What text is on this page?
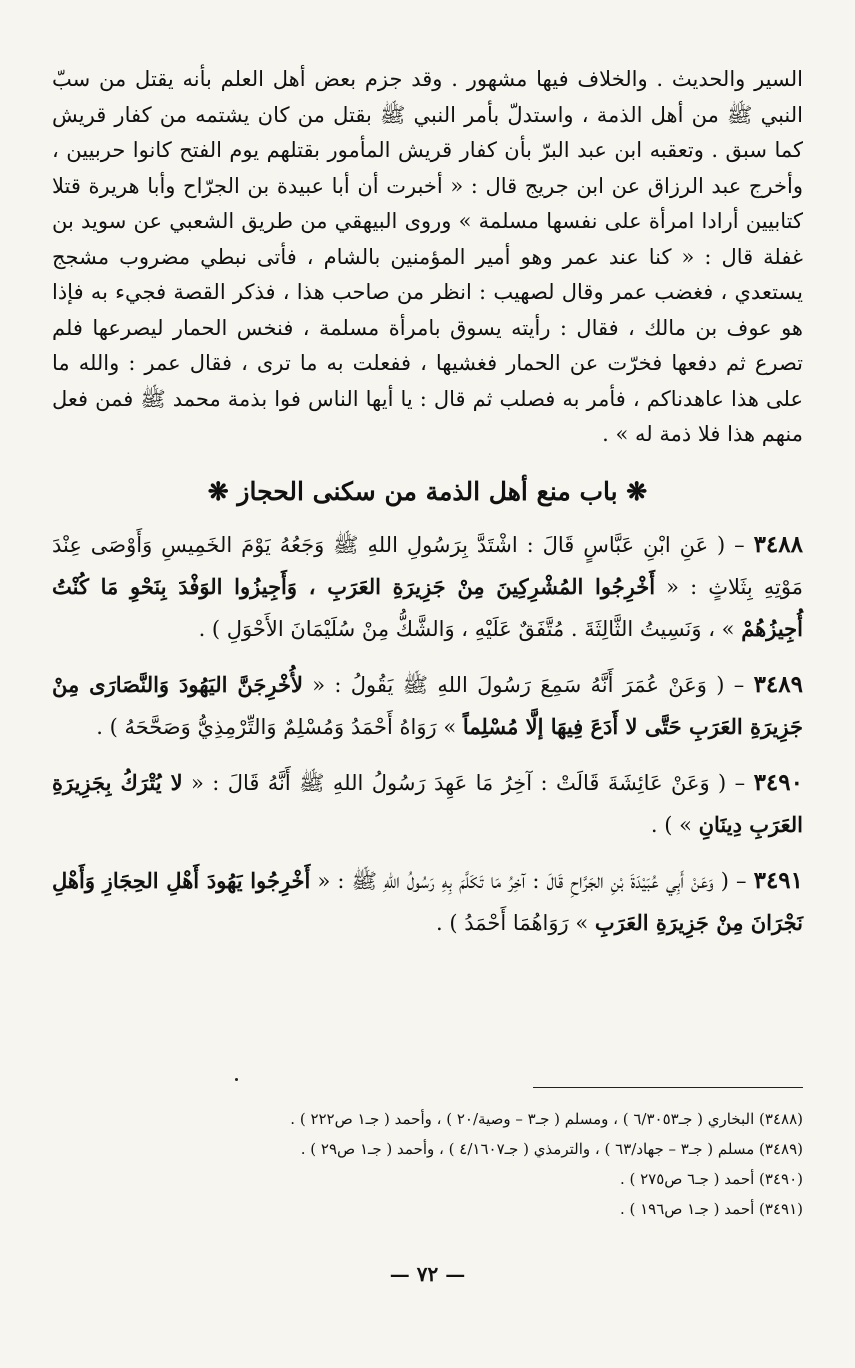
السير والحديث . والخلاف فيها مشهور . وقد جزم بعض أهل العلم بأنه يقتل من سبّ النبي ﷺ من أهل الذمة ، واستدلّ بأمر النبي ﷺ بقتل من كان يشتمه من كفار قريش كما سبق . وتعقبه ابن عبد البرّ بأن كفار قريش المأمور بقتلهم يوم الفتح كانوا حربيين ، وأخرج عبد الرزاق عن ابن جريج قال : « أخبرت أن أبا عبيدة بن الجرّاح وأبا هريرة قتلا كتابيين أرادا امرأة على نفسها مسلمة » وروى البيهقي من طريق الشعبي عن سويد بن غفلة قال : « كنا عند عمر وهو أمير المؤمنين بالشام ، فأتى نبطي مضروب مشجج يستعدي ، فغضب عمر وقال لصهيب : انظر من صاحب هذا ، فذكر القصة فجيء به فإذا هو عوف بن مالك ، فقال : رأيته يسوق بامرأة مسلمة ، فنخس الحمار ليصرعها فلم تصرع ثم دفعها فخرّت عن الحمار فغشيها ، ففعلت به ما ترى ، فقال عمر : والله ما على هذا عاهدناكم ، فأمر به فصلب ثم قال : يا أيها الناس فوا بذمة محمد ﷺ فمن فعل منهم هذا فلا ذمة له » .

❋ باب منع أهل الذمة من سكنى الحجاز ❋

٣٤٨٨ – ( عَنِ ابْنِ عَبَّاسٍ قَالَ : اشْتَدَّ بِرَسُولِ اللهِ ﷺ وَجَعُهُ يَوْمَ الخَمِيسِ وَأَوْصَى عِنْدَ مَوْتِهِ بِثَلاثٍ : « أَخْرِجُوا المُشْرِكِينَ مِنْ جَزِيرَةِ العَرَبِ ، وَأَجِيزُوا الوَفْدَ بِنَحْوِ مَا كُنْتُ أُجِيزُهُمْ » ، وَنَسِيتُ الثَّالِثَةَ . مُتَّفَقٌ عَلَيْهِ ، وَالشَّكُّ مِنْ سُلَيْمَانَ الأَحْوَلِ ) .

٣٤٨٩ – ( وَعَنْ عُمَرَ أَنَّهُ سَمِعَ رَسُولَ اللهِ ﷺ يَقُولُ : « لأُخْرِجَنَّ اليَهُودَ وَالنَّصَارَى مِنْ جَزِيرَةِ العَرَبِ حَتَّى لا أَدَعَ فِيهَا إلَّا مُسْلِماً » رَوَاهُ أَحْمَدُ وَمُسْلِمٌ وَالتِّرْمِذِيُّ وَصَحَّحَهُ ) .

٣٤٩٠ – ( وَعَنْ عَائِشَةَ قَالَتْ : آخِرُ مَا عَهِدَ رَسُولُ اللهِ ﷺ أَنَّهُ قَالَ : « لا يُتْرَكُ بِجَزِيرَةِ العَرَبِ دِينَانِ » ) .

٣٤٩١ – ( وَعَنْ أَبِي عُبَيْدَةَ بْنِ الجَرَّاحِ قَالَ : آخِرُ مَا تَكَلَّمَ بِهِ رَسُولُ اللهِ ﷺ : « أَخْرِجُوا يَهُودَ أَهْلِ الحِجَازِ وَأَهْلِ نَجْرَانَ مِنْ جَزِيرَةِ العَرَبِ » رَوَاهُمَا أَحْمَدُ ) .

(٣٤٨٨) البخاري ( جـ٦/٣٠٥٣ ) ، ومسلم ( جـ٣ – وصية/٢٠ ) ، وأحمد ( جـ١ ص٢٢٢ ) .
(٣٤٨٩) مسلم ( جـ٣ – جهاد/٦٣ ) ، والترمذي ( جـ٤/١٦٠٧ ) ، وأحمد ( جـ١ ص٢٩ ) .
(٣٤٩٠) أحمد ( جـ٦ ص٢٧٥ ) .
(٣٤٩١) أحمد ( جـ١ ص١٩٦ ) .
— ٧٢ —
